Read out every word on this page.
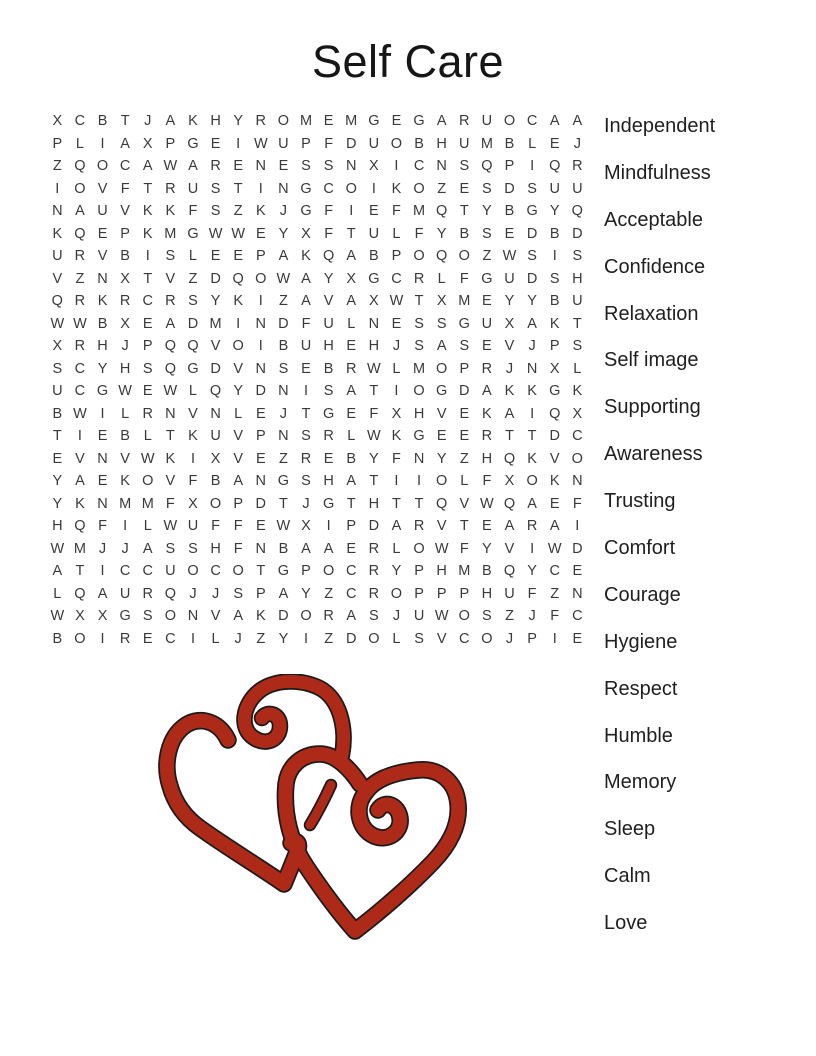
Self Care
X C B T	J A K H Y R O M E M G E G A R U O C A A
P L	I	A X P G E	I W U P F D U O B H U M B L E J
Z Q O C A W A R E N E S S N X	I	C N S Q P	I	Q R
I	O V F T R U S T	I	N G C O	I	K O Z E S D S U U
N A U V K K F S Z K J G F	I	E F M Q T Y B G Y Q
K Q E P K M G W W E Y X F T U L F Y B S E D B D
U R V B	I	S L E E P A K Q A B P O Q O Z W S	I	S
V Z N X T V Z D Q O W A Y X G C R L F G U D S H
Q R K R C R S Y K	I	Z A V A X W T X M E Y Y B U
W W B X E A D M	I	N D F U L N E S S G U X A K T
X R H J P Q Q V O	I	B U H E H J S A S E V J P S
S C Y H S Q G D V N S E B R W L M O P R J N X L
U C G W E W L Q Y D N	I	S A T	I	O G D A K K G K
B W I	L R N V N L E J	T G E F X H V E K A	I	Q X
T	I	E B L T K U V P N S R L W K G E E R T T D C
E V N V W K	I	X V E Z R E B Y F N Y Z H Q K V O
Y A E K O V F B A N G S H A T	I	I	O L F X O K N
Y K N M M F X O P D T	J G T H T T Q V W Q A E F
H Q F	I	L W U F F E W X	I	P D A R V T E A R A	I
W M J	J A S S H F N B A A E R L O W F Y V	I W D
A T	I	C C U O C O T G P O C R Y P H M B Q Y C E
L Q A U R Q J	J S P A Y Z C R O P P P H U F Z N
W X X G S O N V A K D O R A S J U W O S Z	J	F C
B O	I	R E C	I	L	J	Z Y	I	Z D O L S V C O J P	I	E
Independent
Mindfulness
Acceptable
Confidence
Relaxation
Self image
Supporting
Awareness
Trusting
Comfort
Courage
Hygiene
Respect
Humble
Memory
Sleep
Calm
Love
